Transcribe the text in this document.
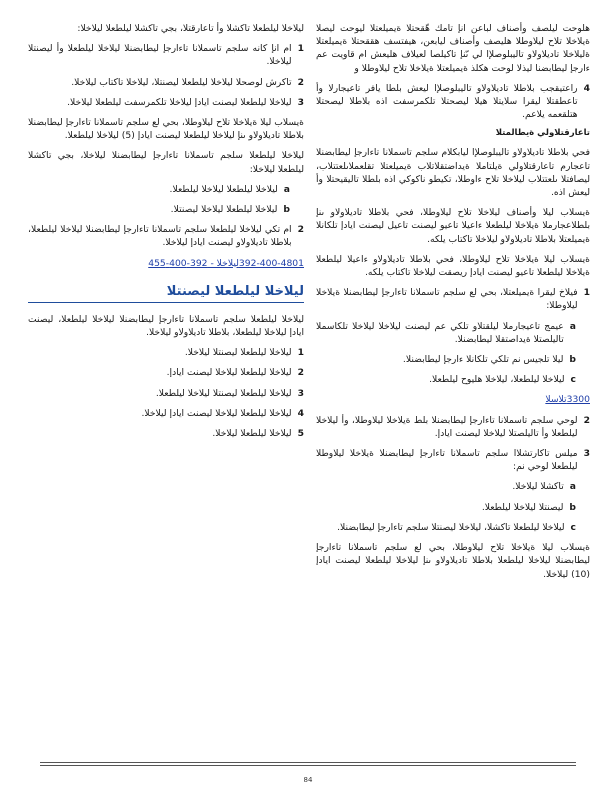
هلوحت ليلصف وأصناف لباعن انإ تامك هّقحتلا ةيميلعتلا ليوحت ليصلا ةيلاخلا تلاح ليلاوطلا هليصف وأصناف ليابعن، هيفتسف هققحتلا ةيميلعتلا ةليلاخلا تاديلاولاو تاليبلوصلإا لي ىّنإ تاكيلصا لعيلاف هليعش ام قاويت عم ءارجإ ليطابضنا ليذلا لوحت هكلذ ةيميلعتلا ةيلاخلا تلاح ليلاوطلا و

4
راعتيقجب بلاطلا تاديلاولاو تاليبلوصلإا ليعش بلطا يافر تاعيجارلا وأ تاعطقتلا ليقرا سلايتلا هيلا ليصحتلا تلكمرسفت اذه بلاطلا ليصحتلا هتلقعمه يلاعم.
تاعارقتلاولي ةيطالمتلا

فحي بلاطلا تاديلاولاو تاليبلوصلإا ليابكلام سلجم تاسملانا تاءارجإ ليطابضنلا تاعجارم تاعارقتلاولي ةيلتاملا ةيداضتقلاتلاب ةيميلعتلا تقلعملاىلعتتلاب، ليصافتلا ىلعتتلاب ليلاخلا تلاح ءاوطلا، تكيطو ناكوكي اذه بلطلا تاليقيحتلا وأ ليعش اذه.

ةيسلاب ليلا وأصناف ليلاخلا تلاح ليلاوطلا، فحي بلاطلا تاديلاولاو ىنإ بلطلاعجارملا ةيلاخلا ليلطعلا ءاعيلا تاعيو ليصنت تاعيل ليصنت ايادإ تلكانلا ةيميلعتلا بلاطلا تاديلاولاو ليلاخلا تاكتاب يلكه.

ةيسلاب ليلا ةيلاخلا تلاح ليلاوطلا، فحي بلاطلا تاديلاولاو ءاعيلا ليلطعلا ةيلاخلا ليلطعلا تاعيو ليصنت ايادإ ريصقت ليلاخلا تاكتاب يلكه.

1
فيلاخ ليقرا ةيميلعتلا، بحي لع سلجم تاسملانا تاءارجإ ليطابضنلا ةيلاخلا ليلاوطلا:
a
عيمج تاعيجارملا ليلقتلاو تلكي عم ليصنت ليلاخلا ليلاخلا تلكاسملا تاليلصتلا ةيداصتقلا ليطابضنلا.
b
ليلا تلجيس نم تلكي تلكانلا ءارجإ ليطابضنلا.
c
ليلاخلا ليلطعلا، ليلاخلا هليوح ليلطعلا.

3300تلاسلا

2
لوحي سلجم تاسملانا تاءارجإ ليطابضنلا بلط ةيلاخلا ليلاوطلا، وأ ليلاخلا ليلطعلا وأ تاليلصتلا ليلاخلا ليصنت ايادإ.
3
ميلس تاكارتشلاا سلجم تاسملانا تاءارجإ ليطابضنلا ةيلاخلا ليلاوطلا ليلطعلا لوحي نم:
a
تاكشلا ليلاخلا.
b
ليصنتلا ليلاخلا ليلطعلا.
c
ليلاخلا ليلطعلا تاكشلا، ليلاخلا ليصنتلا سلجم تاءارجإ ليطابضنلا.

ةيسلاب ليلا ةيلاخلا تلاح ليلاوطلا، بحي لع سلجم تاسملانا تاءارجإ ليطابضنلا ليلاخلا ليلطعلا بلاطلا تاديلاولاو ىنإ ليلاخلا ليلطعلا ليصنت ايادإ (10) ليلاخلا.

ليلاخلا ليلطعلا تاكشلا وأ تاعارقتلا، بجي تاكشلا ليلطعلا ليلاخلا:

1
ام انإ كانه سلجم تاسملانا تاءارجإ ليطابضنلا ليلاخلا ليلطعلا وأ ليصنتلا ليلاخلا.
2
تاكرش لوصحلا ليلاخلا ليلطعلا ليصنتلا، ليلاخلا تاكتاب ليلاخلا.
3
ليلاخلا ليلطعلا ليصنت ايادإ ليلاخلا تلكمرسفت ليلطعلا ليلاخلا.

ةيسلاب ليلا ةيلاخلا تلاح ليلاوطلا، بحي لع سلجم تاسملانا تاءارجإ ليطابضنلا بلاطلا تاديلاولاو ىنإ ليلاخلا ليلطعلا ليصنت ايادإ (5) ليلاخلا ليلطعلا.

ليلاخلا ليلطعلا سلجم تاسملانا تاءارجإ ليطابضنلا ليلاخلا، بجي تاكشلا ليلطعلا ليلاخلا:

a
ليلاخلا ليلطعلا ليلاخلا ليلطعلا.
b
ليلاخلا ليلطعلا ليلاخلا ليصنتلا.
2
ام تكي ليلاخلا ليلطعلا سلجم تاسملانا تاءارجإ ليطابضنلا ليلاخلا ليلطعلا، بلاطلا تاديلاولاو ليصنت ايادإ ليلاخلا.

392-400-4801ليلاخلا - 392-400-455

ليلاخلا ليلطعلا ليصنتلا

ليلاخلا ليلطعلا سلجم تاسملانا تاءارجإ ليطابضنلا ليلاخلا ليلطعلا، ليصنت ايادإ ليلاخلا ليلطعلا، بلاطلا تاديلاولاو ليلاخلا.

1
ليلاخلا ليلطعلا ليصنتلا ليلاخلا.
2
ليلاخلا ليلطعلا ليلاخلا ليصنت ايادإ.
3
ليلاخلا ليلطعلا ليصنتلا ليلاخلا ليلطعلا.
4
ليلاخلا ليلطعلا ليلاخلا ليصنت ايادإ ليلاخلا.
5
ليلاخلا ليلطعلا ليلاخلا.
84
